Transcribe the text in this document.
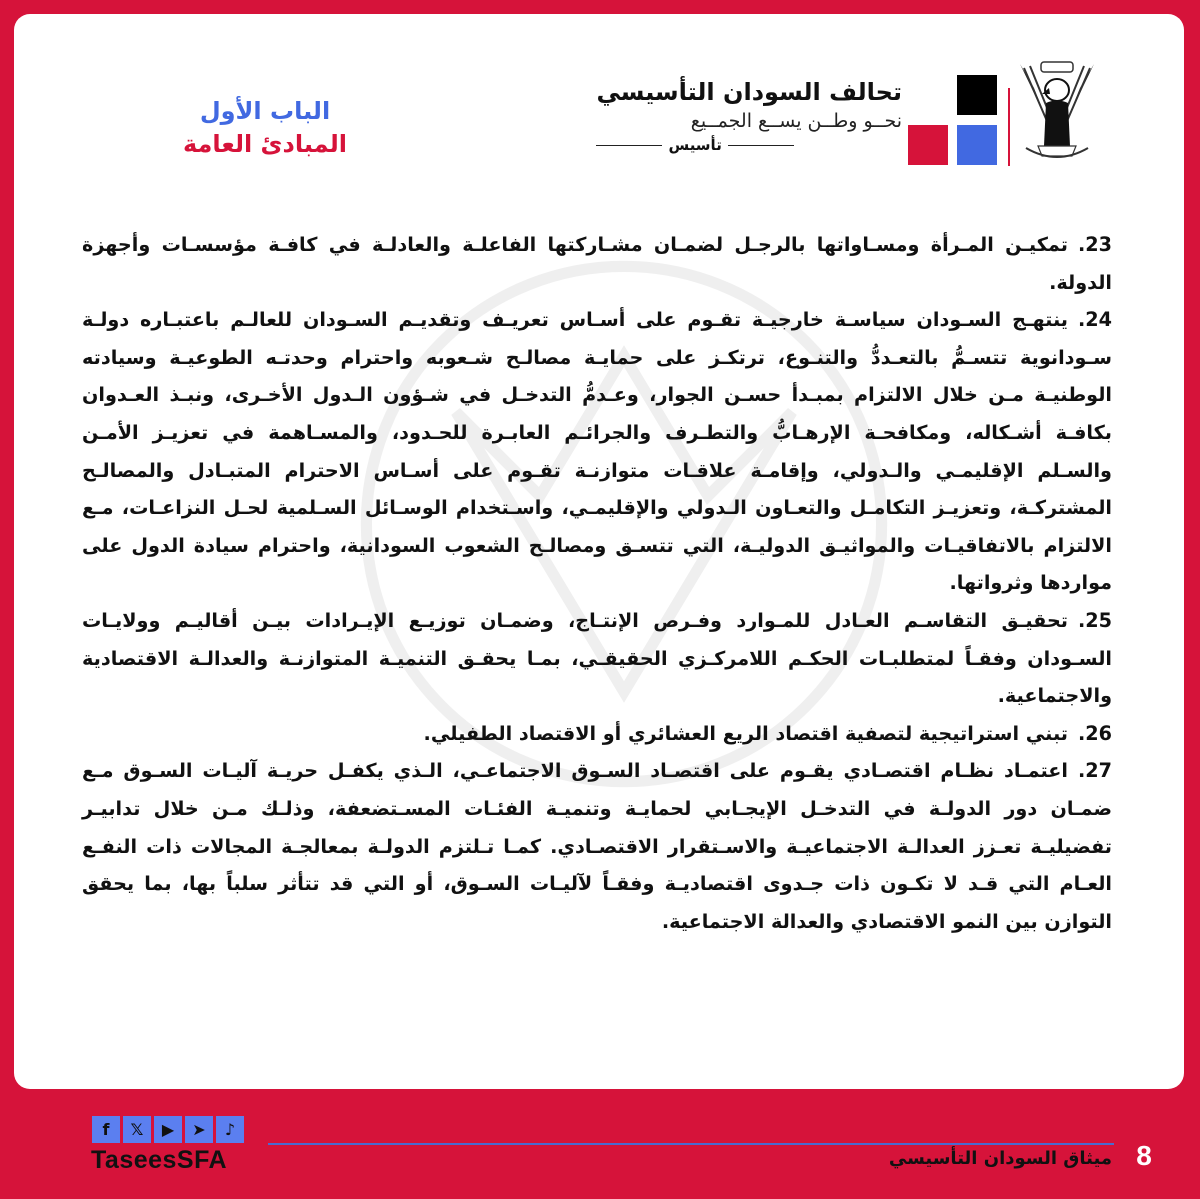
تحالف السودان التأسيسي
نحــو وطــن يســع الجمــيع
تأسيس
الباب الأول
المبادئ العامة

23.تمكيـن المـرأة ومسـاواتها بالرجـل لضمـان مشـاركتها الفاعلـة والعادلـة في كافـة مؤسسـات وأجهزة الدولة.

24.ينتهـج السـودان سياسـة خارجيـة تقـوم على أسـاس تعريـف وتقديـم السـودان للعالـم باعتبـاره دولـة سـودانوية تتسـمُّ بالتعـددُّ والتنـوع، ترتكـز على حمايـة مصالـح شـعوبه واحترام وحدتـه الطوعيـة وسيادته الوطنيـة مـن خلال الالتزام بمبـدأ حسـن الجوار، وعـدمُّ التدخـل في شـؤون الـدول الأخـرى، ونبـذ العـدوان بكافـة أشـكاله، ومكافحـة الإرهـابُّ والتطـرف والجرائـم العابـرة للحـدود، والمسـاهمة في تعزيـز الأمـن والسـلم الإقليمـي والـدولي، وإقامـة علاقـات متوازنـة تقـوم على أسـاس الاحترام المتبـادل والمصالـح المشتركـة، وتعزيـز التكامـل والتعـاون الـدولي والإقليمـي، واسـتخدام الوسـائل السـلمية لحـل النزاعـات، مـع الالتزام بالاتفاقيـات والمواثيـق الدوليـة، التي تتسـق ومصالـح الشعوب السودانية، واحترام سيادة الدول على مواردها وثرواتها.

25.تحقيـق التقاسـم العـادل للمـوارد وفـرص الإنتـاج، وضمـان توزيـع الإيـرادات بيـن أقاليـم وولايـات السـودان وفقـاً لمتطلبـات الحكـم اللامركـزي الحقيقـي، بمـا يحقـق التنميـة المتوازنـة والعدالـة الاقتصادية والاجتماعية.

26.تبني استراتيجية لتصفية اقتصاد الريع العشائري أو الاقتصاد الطفيلي.

27.اعتمـاد نظـام اقتصـادي يقـوم على اقتصـاد السـوق الاجتماعـي، الـذي يكفـل حريـة آليـات السـوق مـع ضمـان دور الدولـة في التدخـل الإيجـابي لحمايـة وتنميـة الفئـات المسـتضعفة، وذلـك مـن خلال تدابيـر تفضيليـة تعـزز العدالـة الاجتماعيـة والاسـتقرار الاقتصـادي. كمـا تـلتزم الدولـة بمعالجـة المجالات ذات النفـع العـام التي قـد لا تكـون ذات جـدوى اقتصاديـة وفقـاً لآليـات السـوق، أو التي قد تتأثر سلباً بها، بما يحقق التوازن بين النمو الاقتصادي والعدالة الاجتماعية.

f	𝕏	▶	➤	♪
TaseesSFA	ميثاق السودان التأسيسي 8
